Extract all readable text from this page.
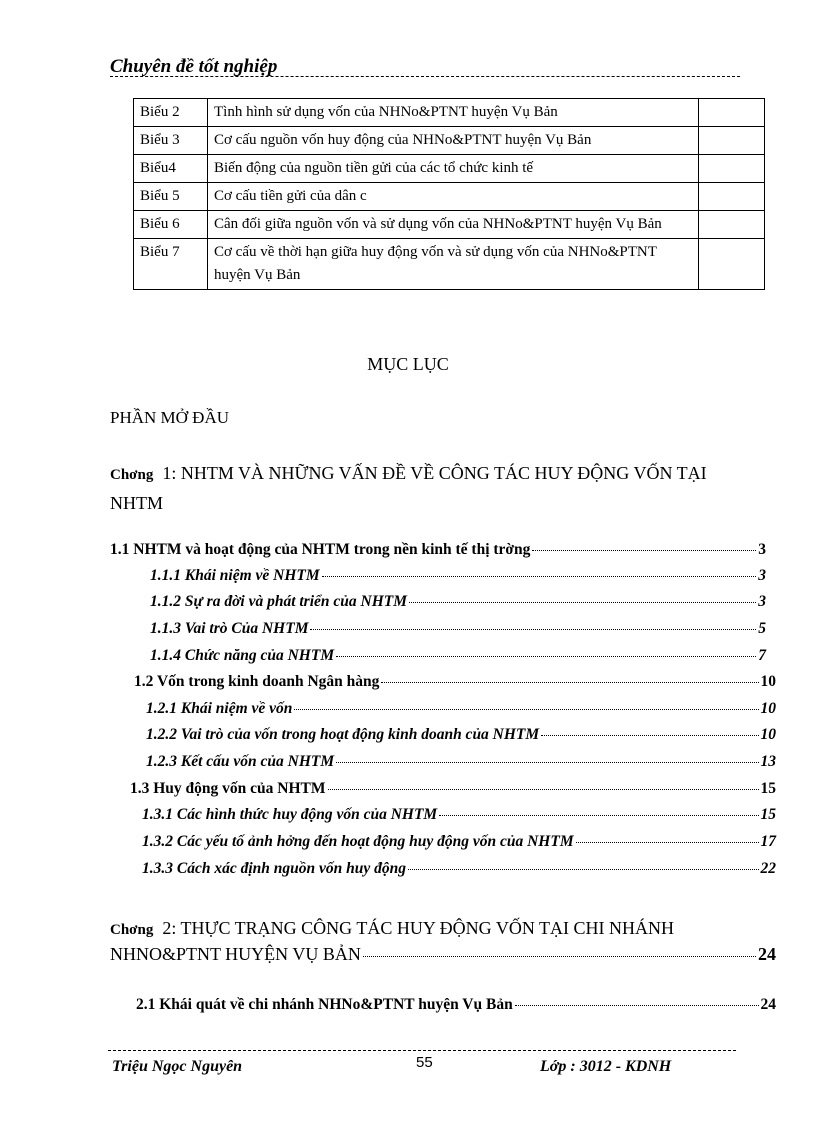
Chuyên đề tốt nghiệp
Biểu 2	Tình hình sử dụng vốn của NHNo&PTNT huyện Vụ Bản	
Biểu 3	Cơ cấu nguồn vốn huy động của NHNo&PTNT huyện Vụ Bản	
Biểu4	Biến động của nguồn tiền gửi của các tổ chức kinh tế	
Biểu 5	Cơ cấu tiền gửi của dân c	
Biểu 6	Cân đối giữa nguồn vốn và sử dụng vốn của NHNo&PTNT huyện Vụ Bản	
Biểu 7	Cơ cấu về thời hạn giữa huy động vốn và sử dụng vốn của NHNo&PTNT huyện Vụ Bản	
MỤC LỤC
PHẦN MỞ ĐẦU
Chơng 1: NHTM VÀ NHỮNG VẤN ĐỀ VỀ CÔNG TÁC HUY ĐỘNG VỐN TẠI NHTM
1.1 NHTM và hoạt động của NHTM trong nền kinh tế thị trờng	3
1.1.1 Khái niệm về NHTM	3
1.1.2 Sự ra đời và phát triển của NHTM	3
1.1.3 Vai trò Của NHTM	5
1.1.4 Chức năng của NHTM	7
1.2 Vốn trong kinh doanh Ngân hàng	10
1.2.1 Khái niệm về vốn	10
1.2.2 Vai trò của vốn trong hoạt động kinh doanh của NHTM	10
1.2.3 Kết cấu vốn của NHTM	13
1.3 Huy động vốn của NHTM	15
1.3.1 Các hình thức huy động vốn của NHTM	15
1.3.2 Các yếu tố ảnh hởng đến hoạt động huy động vốn của NHTM	17
1.3.3 Cách xác định nguồn vốn huy động	22
Chơng 2: THỰC TRẠNG CÔNG TÁC HUY ĐỘNG VỐN TẠI CHI NHÁNH
NHNO&PTNT HUYỆN VỤ BẢN	24
2.1 Khái quát về chi nhánh NHNo&PTNT huyện Vụ Bản	24
Triệu Ngọc Nguyên	55	Lớp : 3012 - KDNH
